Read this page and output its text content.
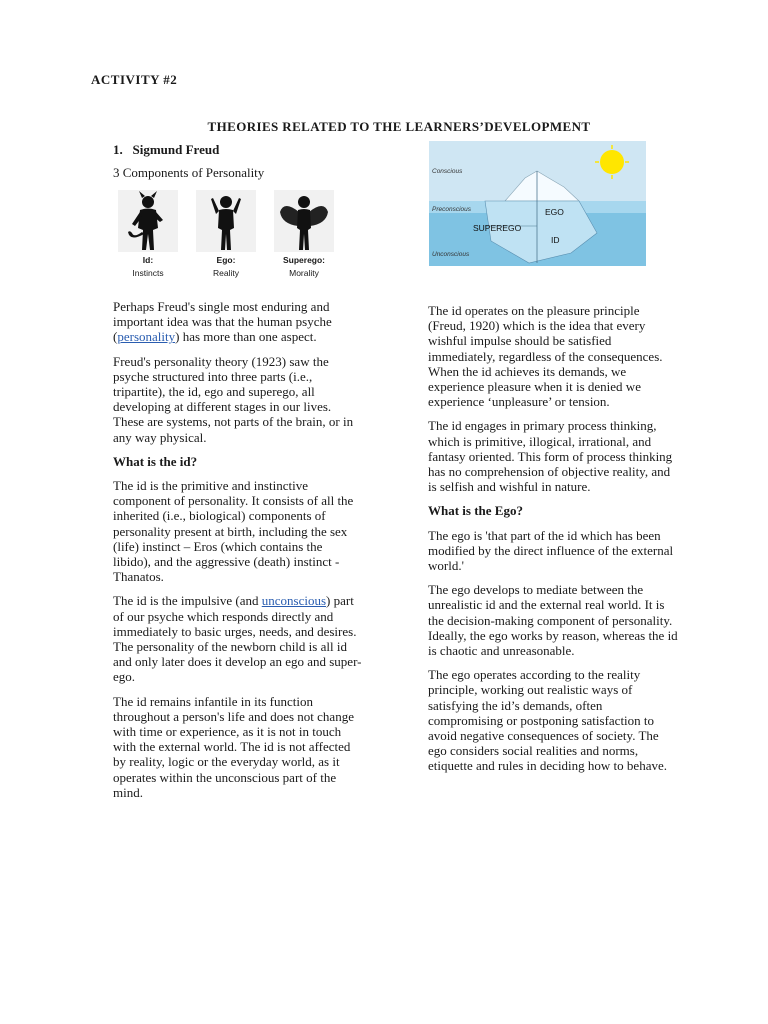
ACTIVITY #2
THEORIES RELATED TO THE LEARNERS’DEVELOPMENT
1.   Sigmund Freud
3 Components of Personality
Id:
Instincts
Ego:
Reality
Superego:
Morality
Conscious
Preconscious
Unconscious
EGO
SUPEREGO
ID

Perhaps Freud's single most enduring and important idea was that the human psyche (personality) has more than one aspect.

Freud's personality theory (1923) saw the psyche structured into three parts (i.e., tripartite), the id, ego and superego, all developing at different stages in our lives. These are systems, not parts of the brain, or in any way physical.

What is the id?

The id is the primitive and instinctive component of personality. It consists of all the inherited (i.e., biological) components of personality present at birth, including the sex (life) instinct – Eros (which contains the libido), and the aggressive (death) instinct - Thanatos.

The id is the impulsive (and unconscious) part of our psyche which responds directly and immediately to basic urges, needs, and desires. The personality of the newborn child is all id and only later does it develop an ego and super-ego.

The id remains infantile in its function throughout a person's life and does not change with time or experience, as it is not in touch with the external world. The id is not affected by reality, logic or the everyday world, as it operates within the unconscious part of the mind.

The id operates on the pleasure principle (Freud, 1920) which is the idea that every wishful impulse should be satisfied immediately, regardless of the consequences. When the id achieves its demands, we experience pleasure when it is denied we experience ‘unpleasure’ or tension.

The id engages in primary process thinking, which is primitive, illogical, irrational, and fantasy oriented. This form of process thinking has no comprehension of objective reality, and is selfish and wishful in nature.

What is the Ego?

The ego is 'that part of the id which has been modified by the direct influence of the external world.'

The ego develops to mediate between the unrealistic id and the external real world. It is the decision-making component of personality. Ideally, the ego works by reason, whereas the id is chaotic and unreasonable.

The ego operates according to the reality principle, working out realistic ways of satisfying the id’s demands, often compromising or postponing satisfaction to avoid negative consequences of society. The ego considers social realities and norms, etiquette and rules in deciding how to behave.
